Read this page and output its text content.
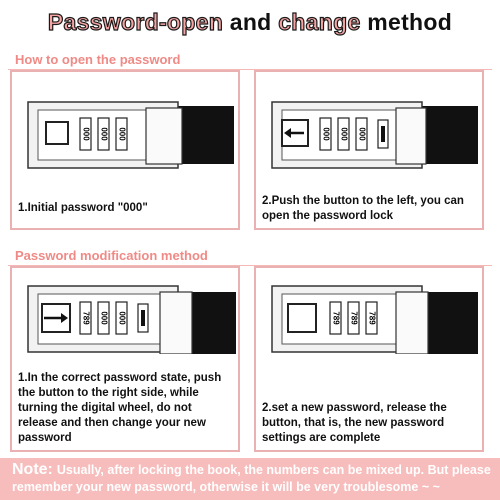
Password-open and change method
How to open the password
Password modification method
000 000 000
1.Initial password "000"
000 000 000
2.Push the button to the left, you can open the password lock
789 000 000
1.In the correct password state, push the button to the right side, while turning the digital wheel, do not release and then change your new password
789 789 789
2.set a new password, release the button, that is, the new password settings are complete
Note: Usually, after locking the book, the numbers can be mixed up. But please remember your new password, otherwise it will be very troublesome ~ ~
